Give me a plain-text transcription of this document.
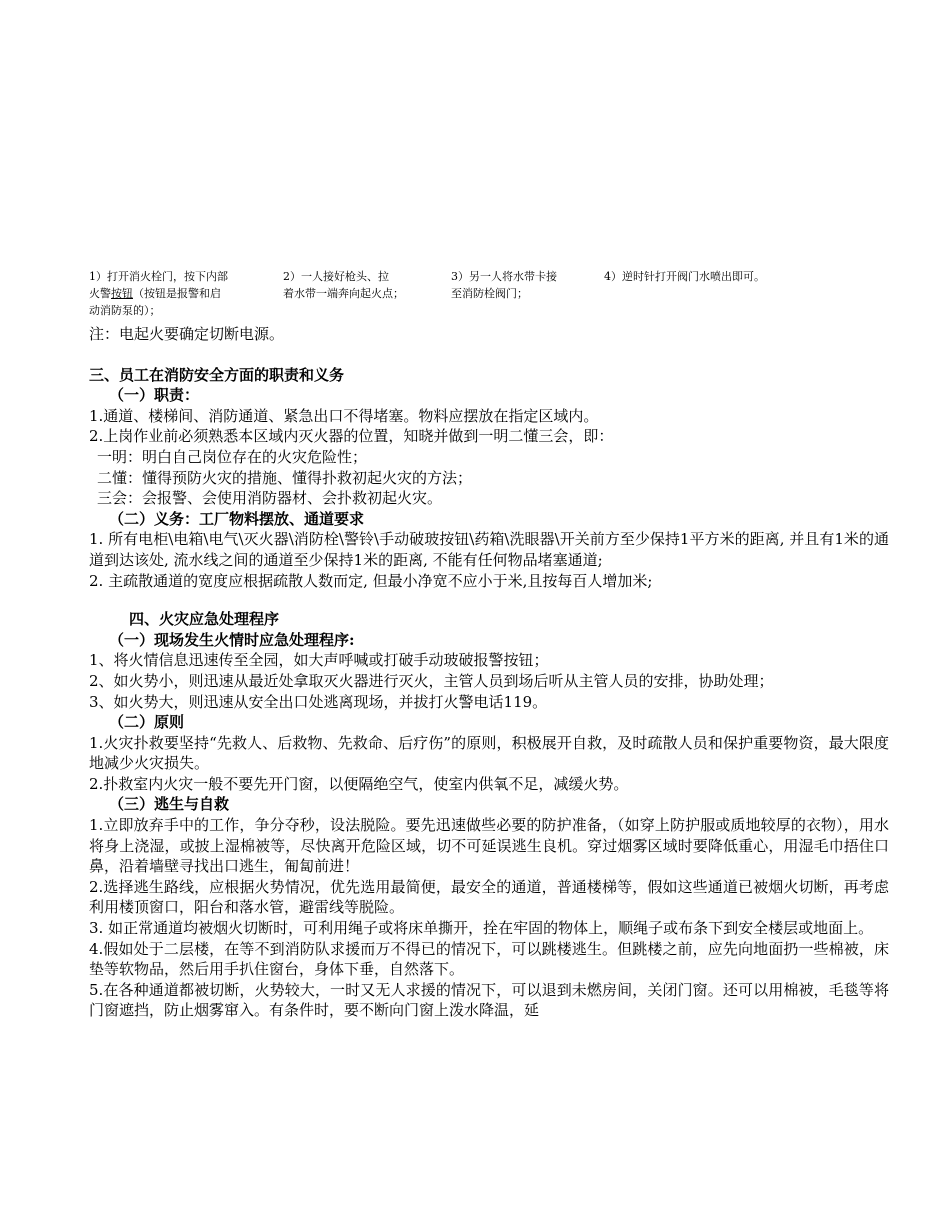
1）打开消火栓门，按下内部
火警按钮（按钮是报警和启
动消防泵的）；
2）一人接好枪头、拉
着水带一端奔向起火点；
3）另一人将水带卡接
至消防栓阀门；
4）逆时针打开阀门水喷出即可。

注：电起火要确定切断电源。

三、员工在消防安全方面的职责和义务

（一）职责：

1.通道、楼梯间、消防通道、紧急出口不得堵塞。物料应摆放在指定区域内。

2.上岗作业前必须熟悉本区域内灭火器的位置，知晓并做到一明二懂三会，即：

一明：明白自己岗位存在的火灾危险性；

二懂：懂得预防火灾的措施、懂得扑救初起火灾的方法；

三会：会报警、会使用消防器材、会扑救初起火灾。

（二）义务：工厂物料摆放、通道要求

1. 所有电柜\电箱\电气\灭火器\消防栓\警铃\手动破玻按钮\药箱\洗眼器\开关前方至少保持1平方米的距离, 并且有1米的通道到达该处, 流水线之间的通道至少保持1米的距离, 不能有任何物品堵塞通道;

2. 主疏散通道的宽度应根据疏散人数而定, 但最小净宽不应小于米,且按每百人增加米;

四、火灾应急处理程序

（一）现场发生火情时应急处理程序:

1、将火情信息迅速传至全园，如大声呼喊或打破手动玻破报警按钮；

2、如火势小，则迅速从最近处拿取灭火器进行灭火，主管人员到场后听从主管人员的安排，协助处理；

3、如火势大，则迅速从安全出口处逃离现场，并拔打火警电话119。

（二）原则

1.火灾扑救要坚持“先救人、后救物、先救命、后疗伤”的原则，积极展开自救，及时疏散人员和保护重要物资，最大限度地减少火灾损失。

2.扑救室内火灾一般不要先开门窗，以便隔绝空气，使室内供氧不足，减缓火势。

（三）逃生与自救

1.立即放弃手中的工作，争分夺秒，设法脱险。要先迅速做些必要的防护准备，（如穿上防护服或质地较厚的衣物），用水将身上浇湿，或披上湿棉被等，尽快离开危险区域，切不可延误逃生良机。穿过烟雾区域时要降低重心，用湿毛巾捂住口鼻，沿着墙壁寻找出口逃生，匍匐前进！

2.选择逃生路线，应根据火势情况，优先选用最简便，最安全的通道，普通楼梯等，假如这些通道已被烟火切断，再考虑利用楼顶窗口，阳台和落水管，避雷线等脱险。

3. 如正常通道均被烟火切断时，可利用绳子或将床单撕开，拴在牢固的物体上，顺绳子或布条下到安全楼层或地面上。

4.假如处于二层楼，在等不到消防队求援而万不得已的情况下，可以跳楼逃生。但跳楼之前，应先向地面扔一些棉被，床垫等软物品，然后用手扒住窗台，身体下垂，自然落下。

5.在各种通道都被切断，火势较大，一时又无人求援的情况下，可以退到未燃房间，关闭门窗。还可以用棉被，毛毯等将门窗遮挡，防止烟雾窜入。有条件时，要不断向门窗上泼水降温，延
